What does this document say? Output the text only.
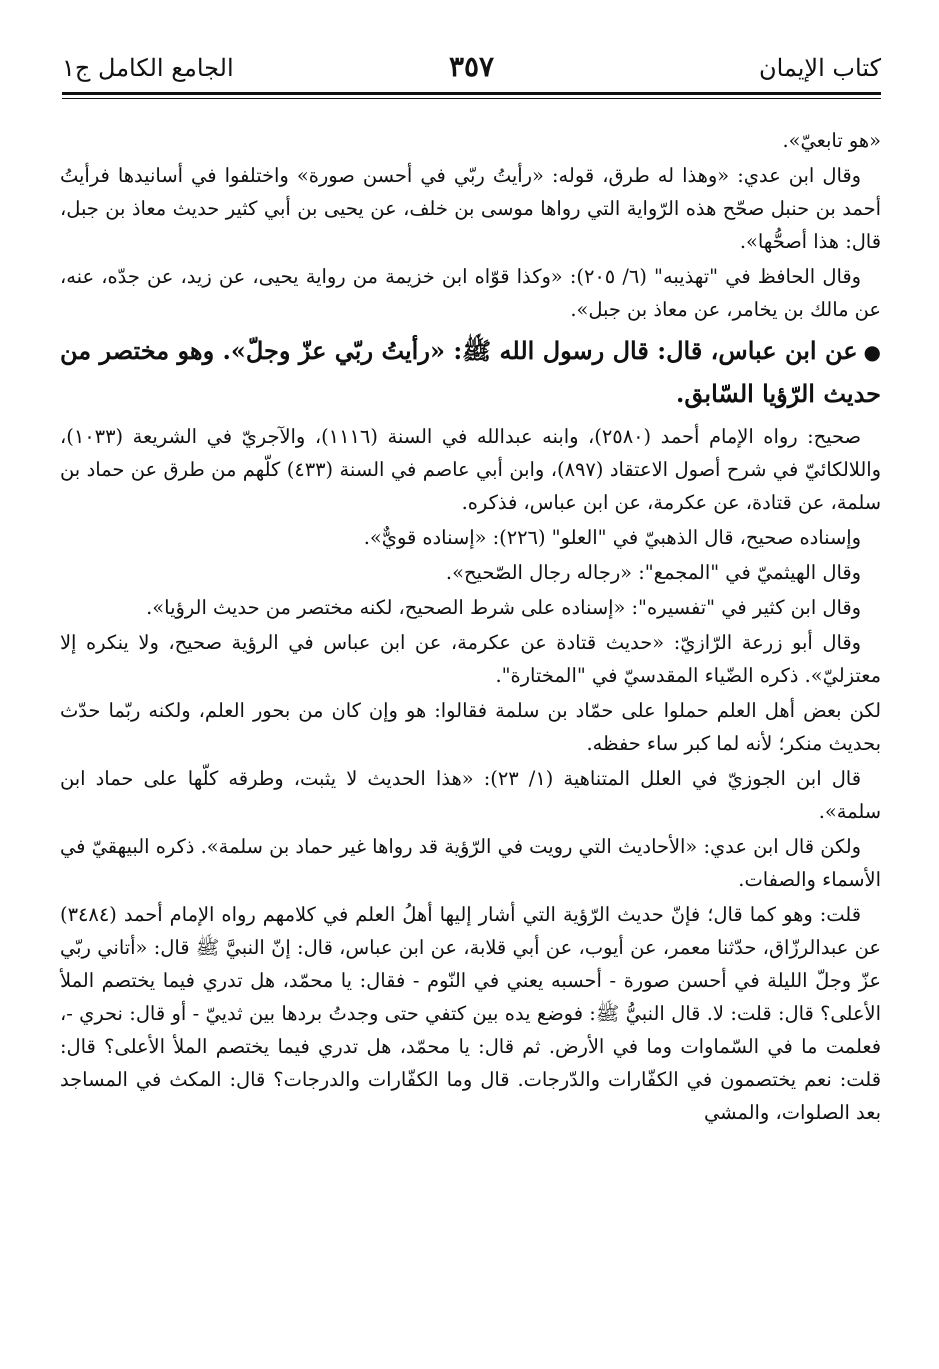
كتاب الإيمان
٣٥٧
الجامع الكامل ج١

«هو تابعيّ».

وقال ابن عدي: «وهذا له طرق، قوله: «رأيتُ ربّي في أحسن صورة» واختلفوا في أسانيدها فرأيتُ أحمد بن حنبل صحّح هذه الرّواية التي رواها موسى بن خلف، عن يحيى بن أبي كثير حديث معاذ بن جبل، قال: هذا أصحُّها».

وقال الحافظ في "تهذيبه" (٦/ ٢٠٥): «وكذا قوّاه ابن خزيمة من رواية يحيى، عن زيد، عن جدّه، عنه، عن مالك بن يخامر، عن معاذ بن جبل».

●عن ابن عباس، قال: قال رسول الله ﷺ: «رأيتُ ربّي عزّ وجلّ». وهو مختصر من حديث الرّؤيا السّابق.

صحيح: رواه الإمام أحمد (٢٥٨٠)، وابنه عبدالله في السنة (١١١٦)، والآجريّ في الشريعة (١٠٣٣)، واللالكائيّ في شرح أصول الاعتقاد (٨٩٧)، وابن أبي عاصم في السنة (٤٣٣) كلّهم من طرق عن حماد بن سلمة، عن قتادة، عن عكرمة، عن ابن عباس، فذكره.

وإسناده صحيح، قال الذهبيّ في "العلو" (٢٢٦): «إسناده قويٌّ».

وقال الهيثميّ في "المجمع": «رجاله رجال الصّحيح».

وقال ابن كثير في "تفسيره": «إسناده على شرط الصحيح، لكنه مختصر من حديث الرؤيا».

وقال أبو زرعة الرّازيّ: «حديث قتادة عن عكرمة، عن ابن عباس في الرؤية صحيح، ولا ينكره إلا معتزليّ». ذكره الضّياء المقدسيّ في "المختارة".

لكن بعض أهل العلم حملوا على حمّاد بن سلمة فقالوا: هو وإن كان من بحور العلم، ولكنه ربّما حدّث بحديث منكر؛ لأنه لما كبر ساء حفظه.

قال ابن الجوزيّ في العلل المتناهية (١/ ٢٣): «هذا الحديث لا يثبت، وطرقه كلّها على حماد ابن سلمة».

ولكن قال ابن عدي: «الأحاديث التي رويت في الرّؤية قد رواها غير حماد بن سلمة». ذكره البيهقيّ في الأسماء والصفات.

قلت: وهو كما قال؛ فإنّ حديث الرّؤية التي أشار إليها أهلُ العلم في كلامهم رواه الإمام أحمد (٣٤٨٤) عن عبدالرزّاق، حدّثنا معمر، عن أيوب، عن أبي قلابة، عن ابن عباس، قال: إنّ النبيَّ ﷺ قال: «أتاني ربّي عزّ وجلّ الليلة في أحسن صورة - أحسبه يعني في النّوم - فقال: يا محمّد، هل تدري فيما يختصم الملأ الأعلى؟ قال: قلت: لا. قال النبيُّ ﷺ: فوضع يده بين كتفي حتى وجدتُ بردها بين ثدييّ - أو قال: نحري -، فعلمت ما في السّماوات وما في الأرض. ثم قال: يا محمّد، هل تدري فيما يختصم الملأ الأعلى؟ قال: قلت: نعم يختصمون في الكفّارات والدّرجات. قال وما الكفّارات والدرجات؟ قال: المكث في المساجد بعد الصلوات، والمشي
